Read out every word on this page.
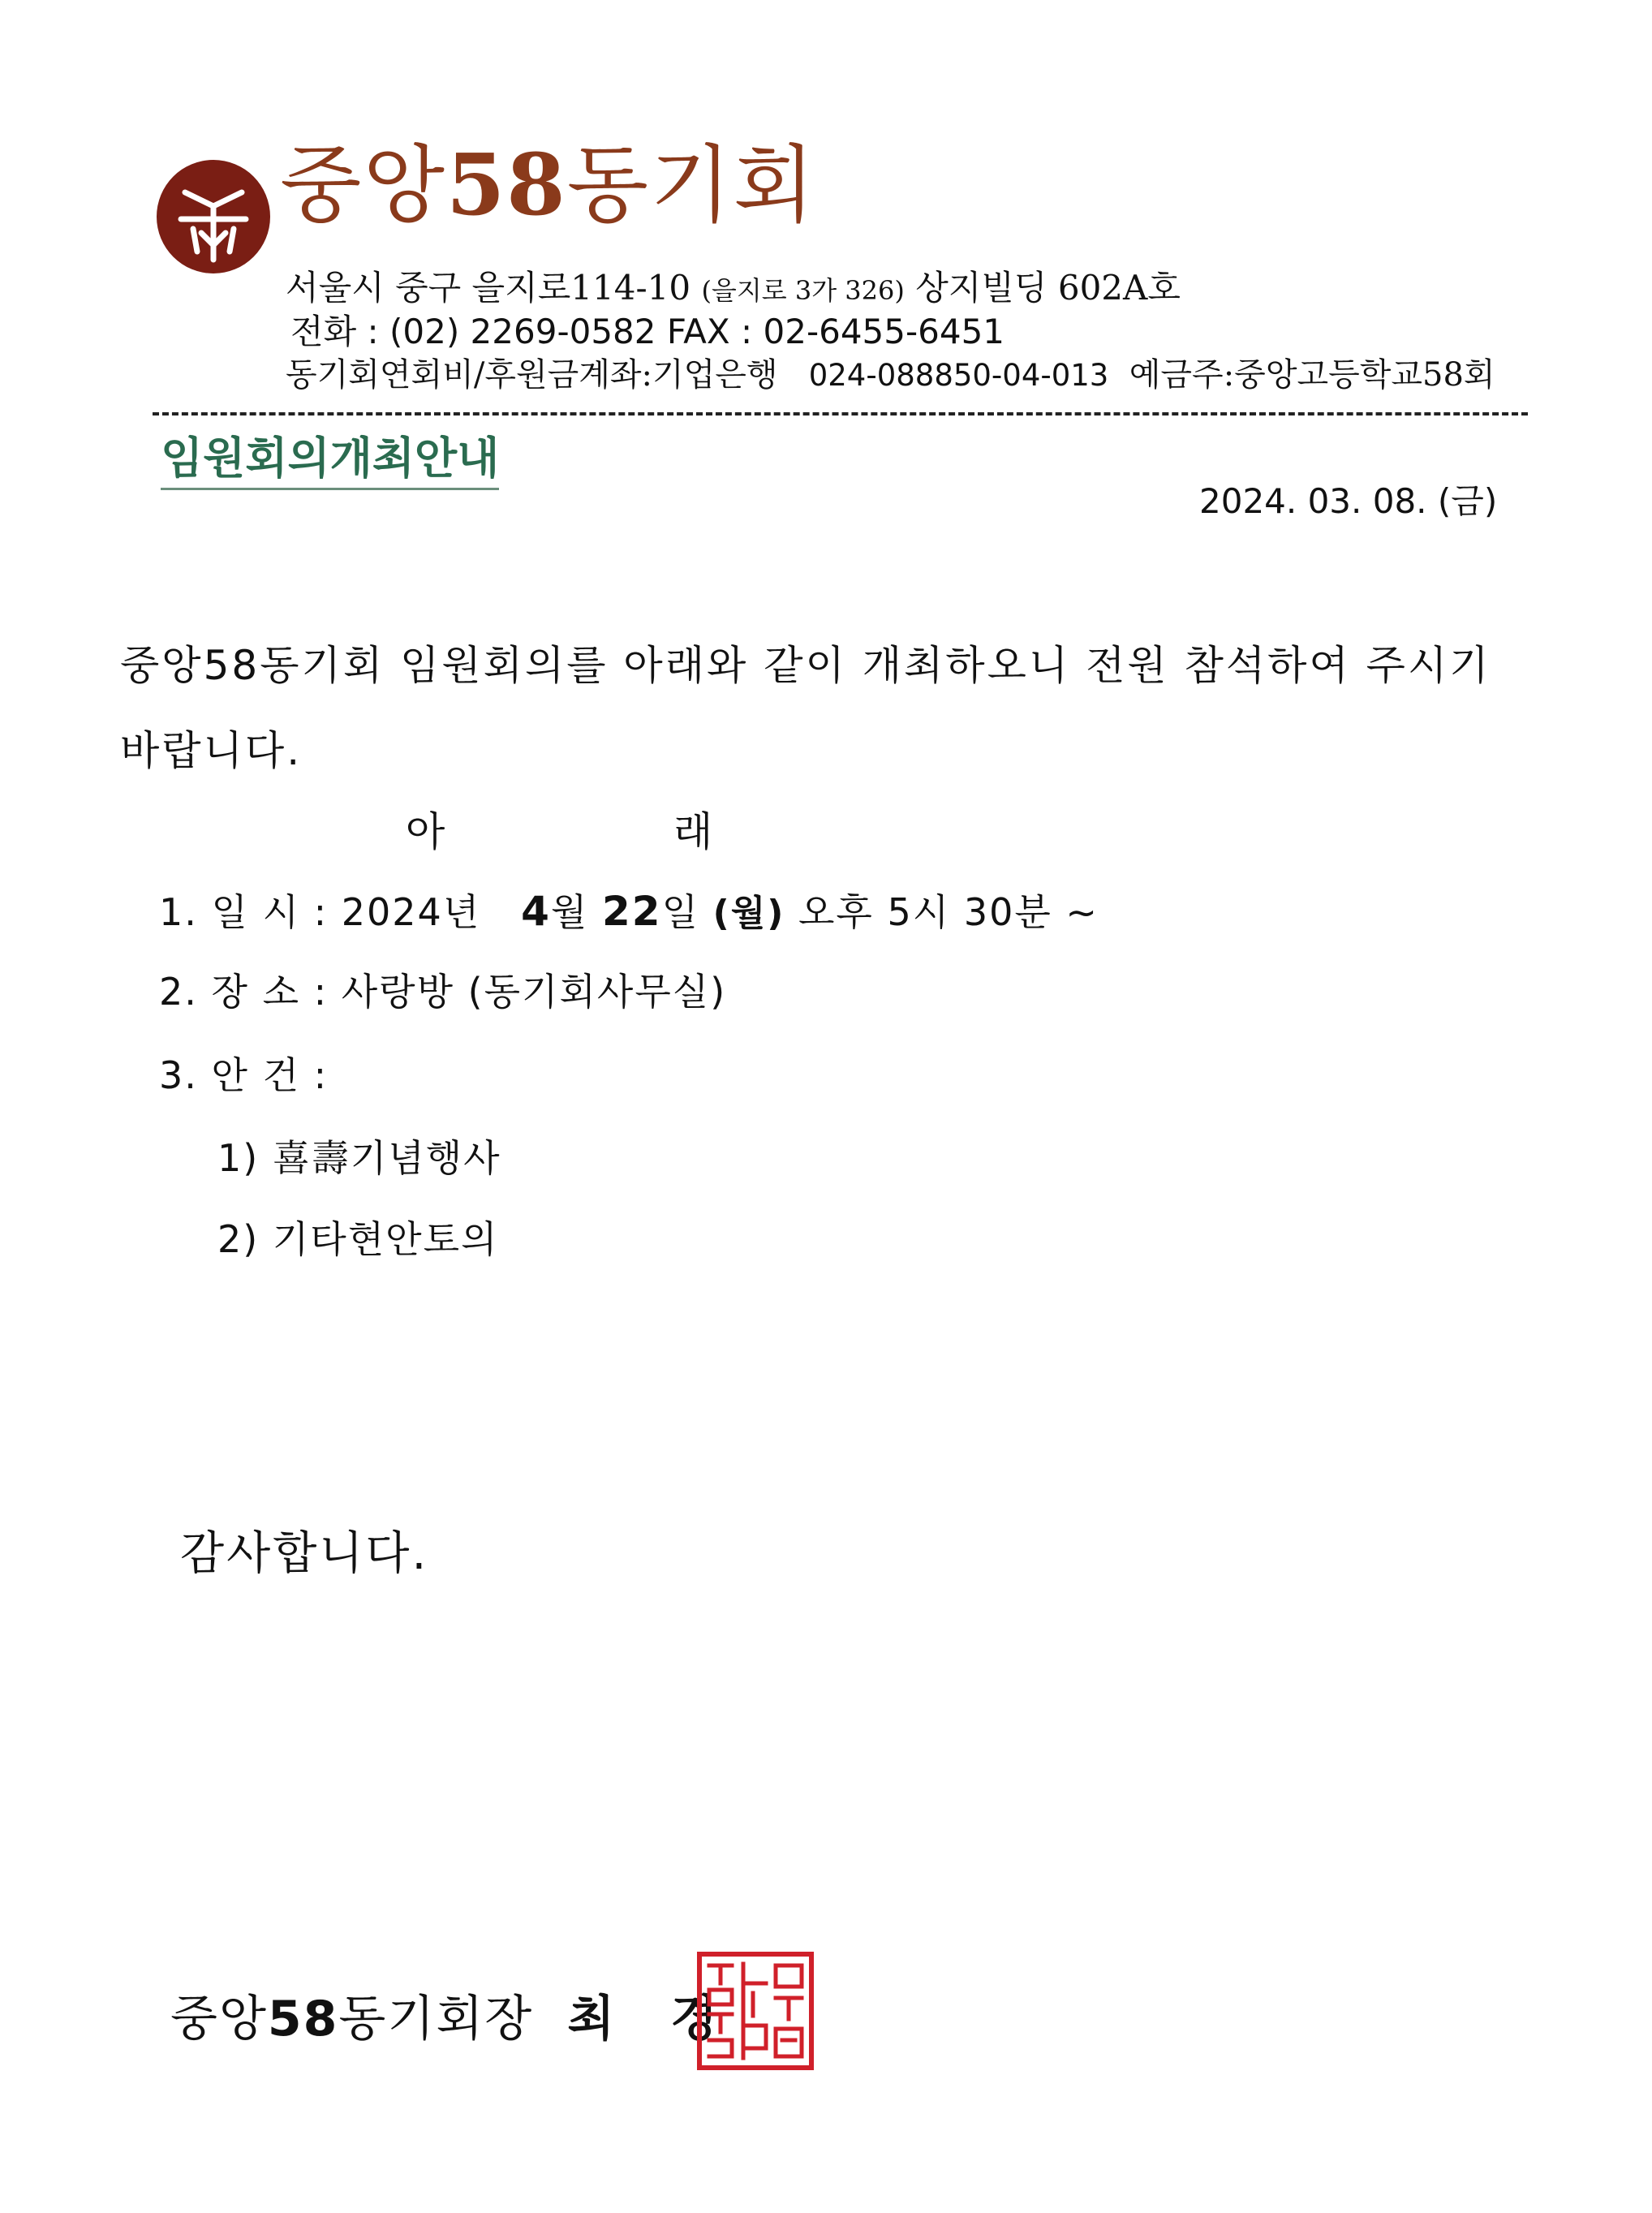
중앙58동기회
서울시 중구 을지로114-10 (을지로 3가 326) 상지빌딩 602A호
전화 : (02) 2269-0582 FAX : 02-6455-6451
동기회연회비/후원금계좌:기업은행 024-088850-04-013 예금주:중앙고등학교58회
임원회의개최안내
2024. 03. 08. (금)
중앙58동기회 임원회의를 아래와 같이 개최하오니 전원 참석하여 주시기
바랍니다.
아	래
1. 일 시 : 2024년 4월 22일 (월) 오후 5시 30분 ~
2. 장 소 : 사랑방 (동기회사무실)
3. 안 건 :
1) 喜壽기념행사
2) 기타현안토의
감사합니다.
중앙58동기회장 최 경
